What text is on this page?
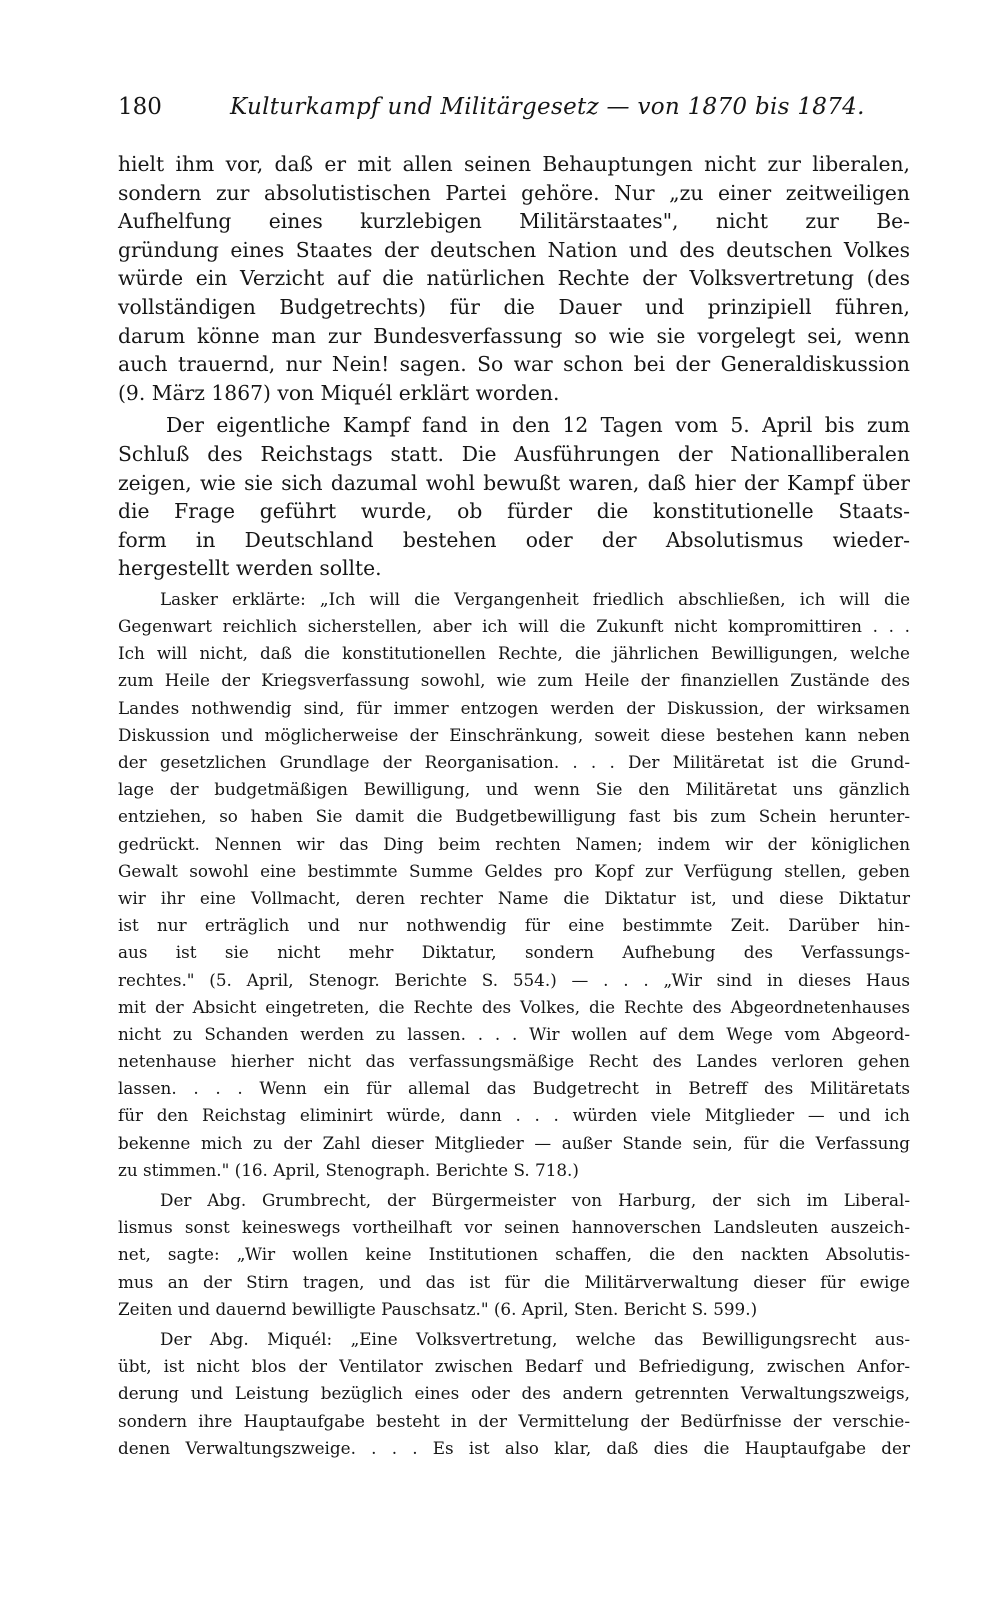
180	Kulturkampf und Militärgesetz — von 1870 bis 1874.
hielt ihm vor, daß er mit allen seinen Behauptungen nicht zur liberalen,
sondern zur absolutistischen Partei gehöre. Nur „zu einer zeitweiligen
Aufhelfung eines kurzlebigen Militärstaates", nicht zur Be-
gründung eines Staates der deutschen Nation und des deutschen Volkes
würde ein Verzicht auf die natürlichen Rechte der Volksvertretung (des
vollständigen Budgetrechts) für die Dauer und prinzipiell führen,
darum könne man zur Bundesverfassung so wie sie vorgelegt sei, wenn
auch trauernd, nur Nein! sagen. So war schon bei der Generaldiskussion
(9. März 1867) von Miquél erklärt worden.
Der eigentliche Kampf fand in den 12 Tagen vom 5. April bis zum
Schluß des Reichstags statt. Die Ausführungen der Nationalliberalen
zeigen, wie sie sich dazumal wohl bewußt waren, daß hier der Kampf über
die Frage geführt wurde, ob fürder die konstitutionelle Staats-
form in Deutschland bestehen oder der Absolutismus wieder-
hergestellt werden sollte.
Lasker erklärte: „Ich will die Vergangenheit friedlich abschließen, ich will die
Gegenwart reichlich sicherstellen, aber ich will die Zukunft nicht kompromittiren . . .
Ich will nicht, daß die konstitutionellen Rechte, die jährlichen Bewilligungen, welche
zum Heile der Kriegsverfassung sowohl, wie zum Heile der finanziellen Zustände des
Landes nothwendig sind, für immer entzogen werden der Diskussion, der wirksamen
Diskussion und möglicherweise der Einschränkung, soweit diese bestehen kann neben
der gesetzlichen Grundlage der Reorganisation. . . . Der Militäretat ist die Grund-
lage der budgetmäßigen Bewilligung, und wenn Sie den Militäretat uns gänzlich
entziehen, so haben Sie damit die Budgetbewilligung fast bis zum Schein herunter-
gedrückt. Nennen wir das Ding beim rechten Namen; indem wir der königlichen
Gewalt sowohl eine bestimmte Summe Geldes pro Kopf zur Verfügung stellen, geben
wir ihr eine Vollmacht, deren rechter Name die Diktatur ist, und diese Diktatur
ist nur erträglich und nur nothwendig für eine bestimmte Zeit. Darüber hin-
aus ist sie nicht mehr Diktatur, sondern Aufhebung des Verfassungs-
rechtes." (5. April, Stenogr. Berichte S. 554.) — . . . „Wir sind in dieses Haus
mit der Absicht eingetreten, die Rechte des Volkes, die Rechte des Abgeordnetenhauses
nicht zu Schanden werden zu lassen. . . . Wir wollen auf dem Wege vom Abgeord-
netenhause hierher nicht das verfassungsmäßige Recht des Landes verloren gehen
lassen. . . . Wenn ein für allemal das Budgetrecht in Betreff des Militäretats
für den Reichstag eliminirt würde, dann . . . würden viele Mitglieder — und ich
bekenne mich zu der Zahl dieser Mitglieder — außer Stande sein, für die Verfassung
zu stimmen." (16. April, Stenograph. Berichte S. 718.)
Der Abg. Grumbrecht, der Bürgermeister von Harburg, der sich im Liberal-
lismus sonst keineswegs vortheilhaft vor seinen hannoverschen Landsleuten auszeich-
net, sagte: „Wir wollen keine Institutionen schaffen, die den nackten Absolutis-
mus an der Stirn tragen, und das ist für die Militärverwaltung dieser für ewige
Zeiten und dauernd bewilligte Pauschsatz." (6. April, Sten. Bericht S. 599.)
Der Abg. Miquél: „Eine Volksvertretung, welche das Bewilligungsrecht aus-
übt, ist nicht blos der Ventilator zwischen Bedarf und Befriedigung, zwischen Anfor-
derung und Leistung bezüglich eines oder des andern getrennten Verwaltungszweigs,
sondern ihre Hauptaufgabe besteht in der Vermittelung der Bedürfnisse der verschie-
denen Verwaltungszweige. . . . Es ist also klar, daß dies die Hauptaufgabe der
